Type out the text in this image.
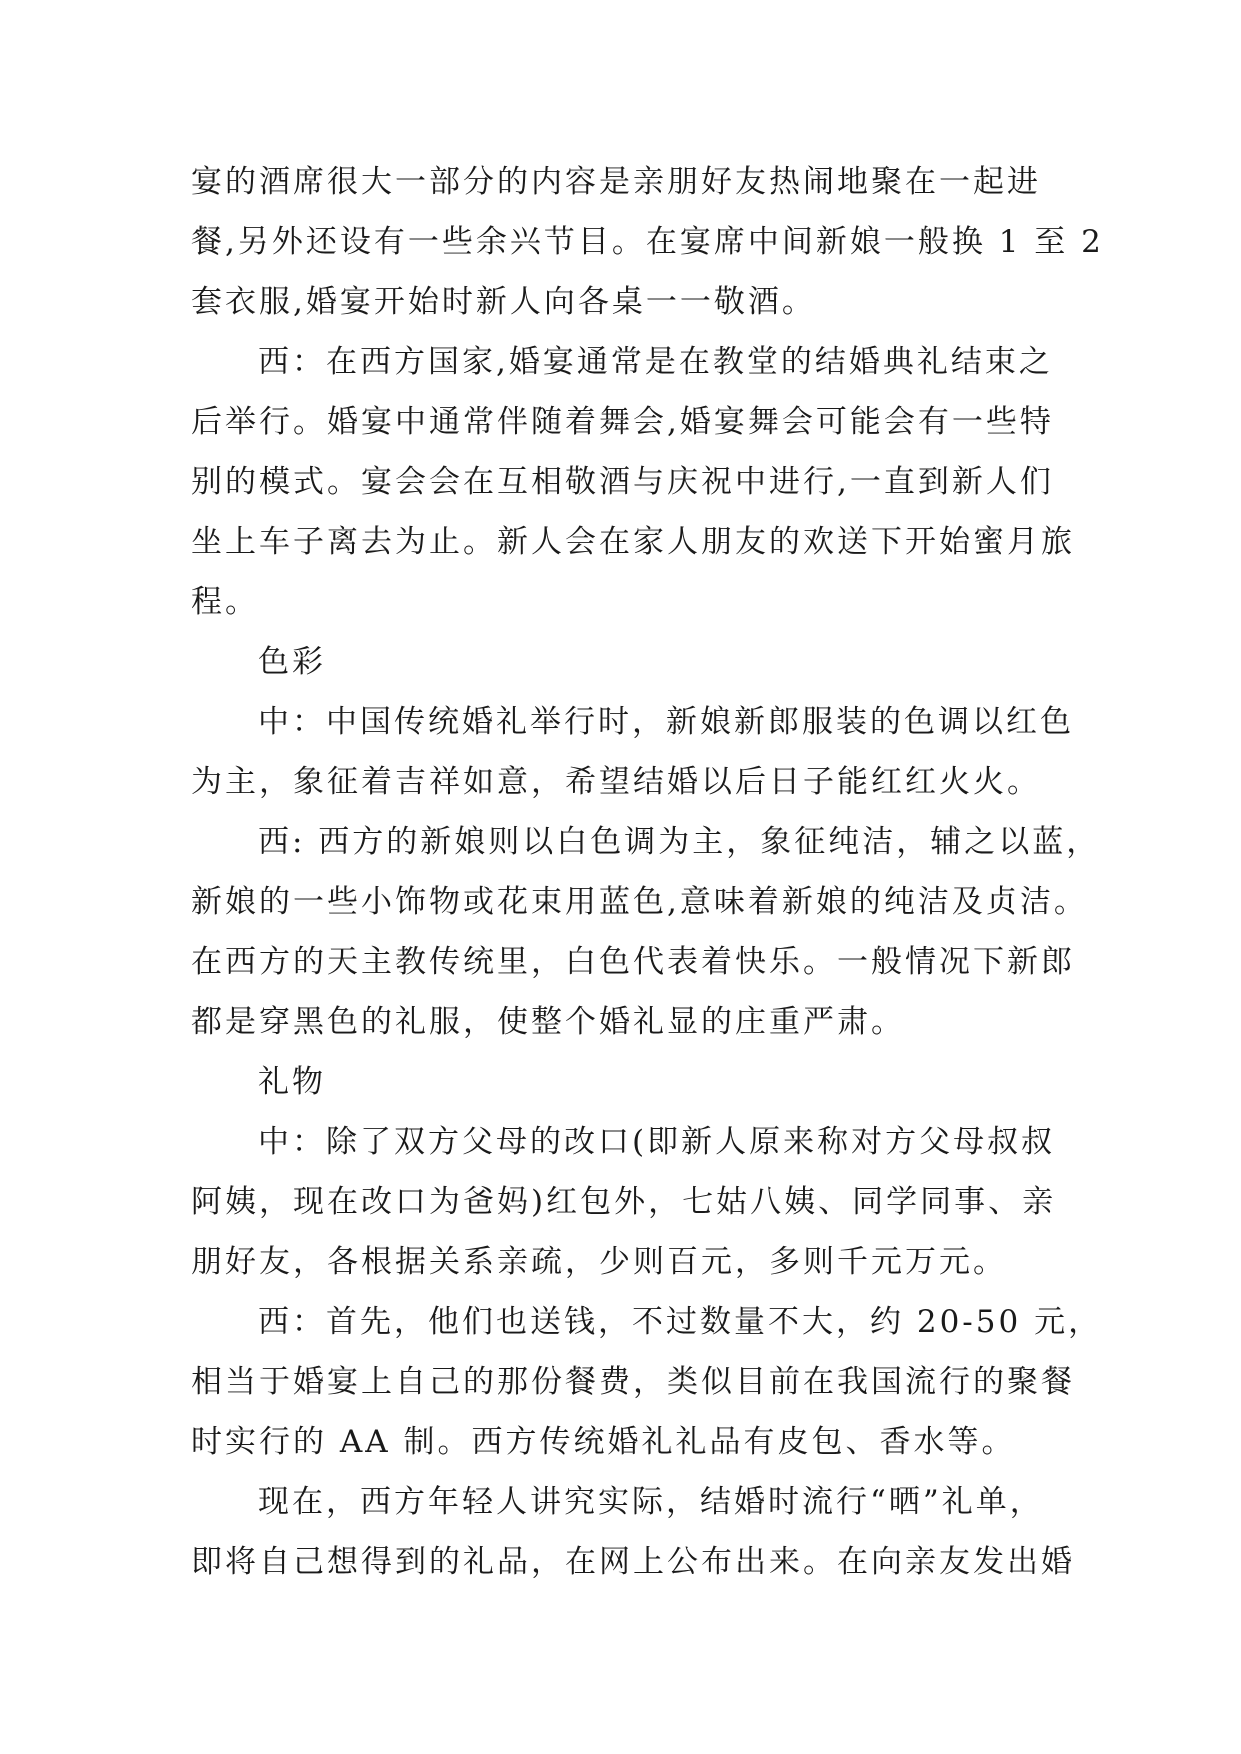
宴的酒席很大一部分的内容是亲朋好友热闹地聚在一起进
餐,另外还设有一些余兴节目。在宴席中间新娘一般换 1 至 2
套衣服,婚宴开始时新人向各桌一一敬酒。
西：在西方国家,婚宴通常是在教堂的结婚典礼结束之
后举行。婚宴中通常伴随着舞会,婚宴舞会可能会有一些特
别的模式。宴会会在互相敬酒与庆祝中进行,一直到新人们
坐上车子离去为止。新人会在家人朋友的欢送下开始蜜月旅
程。
色彩
中：中国传统婚礼举行时，新娘新郎服装的色调以红色
为主，象征着吉祥如意，希望结婚以后日子能红红火火。
西: 西方的新娘则以白色调为主，象征纯洁，辅之以蓝，
新娘的一些小饰物或花束用蓝色,意味着新娘的纯洁及贞洁。
在西方的天主教传统里，白色代表着快乐。一般情况下新郎
都是穿黑色的礼服，使整个婚礼显的庄重严肃。
礼物
中：除了双方父母的改口(即新人原来称对方父母叔叔
阿姨，现在改口为爸妈)红包外，七姑八姨、同学同事、亲
朋好友，各根据关系亲疏，少则百元，多则千元万元。
西：首先，他们也送钱，不过数量不大，约 20-50 元，
相当于婚宴上自己的那份餐费，类似目前在我国流行的聚餐
时实行的 AA 制。西方传统婚礼礼品有皮包、香水等。
现在，西方年轻人讲究实际，结婚时流行“晒”礼单，
即将自己想得到的礼品，在网上公布出来。在向亲友发出婚
